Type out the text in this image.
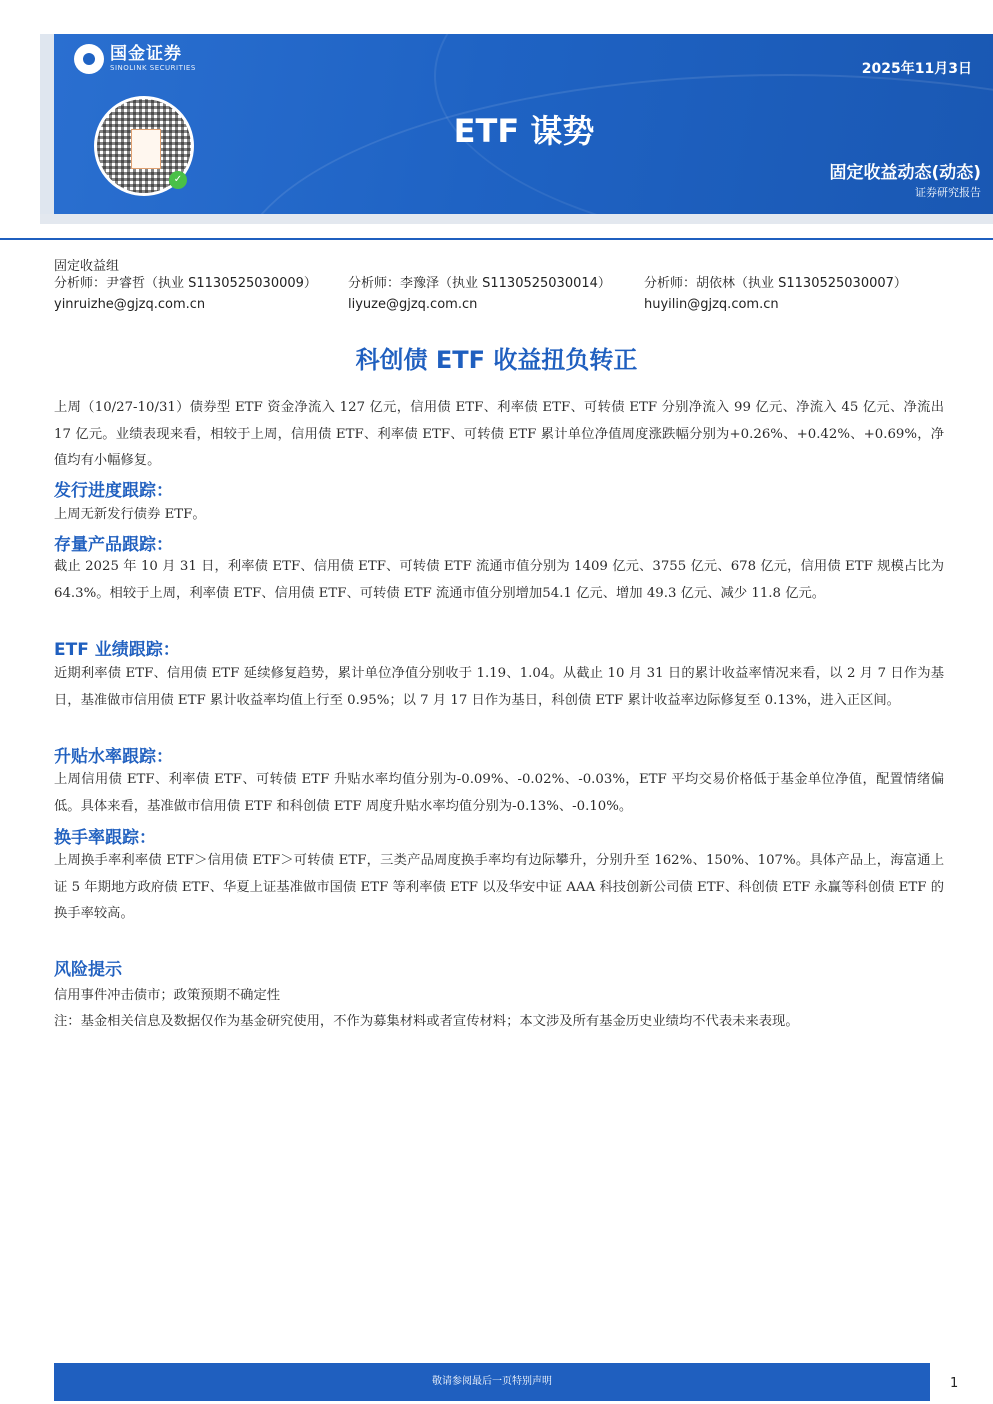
国金证券
SINOLINK SECURITIES
✓
2025年11月3日
ETF 谋势
固定收益动态(动态)
证券研究报告
固定收益组
分析师：尹睿哲（执业 S1130525030009）
yinruizhe@gjzq.com.cn
分析师：李豫泽（执业 S1130525030014）
liyuze@gjzq.com.cn
分析师：胡依林（执业 S1130525030007）
huyilin@gjzq.com.cn
科创债 ETF 收益扭负转正
上周（10/27-10/31）债券型 ETF 资金净流入 127 亿元，信用债 ETF、利率债 ETF、可转债 ETF 分别净流入 99 亿元、净流入 45 亿元、净流出 17 亿元。业绩表现来看，相较于上周，信用债 ETF、利率债 ETF、可转债 ETF 累计单位净值周度涨跌幅分别为+0.26%、+0.42%、+0.69%，净值均有小幅修复。
发行进度跟踪：
上周无新发行债券 ETF。
存量产品跟踪：
截止 2025 年 10 月 31 日，利率债 ETF、信用债 ETF、可转债 ETF 流通市值分别为 1409 亿元、3755 亿元、678 亿元，信用债 ETF 规模占比为 64.3%。相较于上周，利率债 ETF、信用债 ETF、可转债 ETF 流通市值分别增加54.1 亿元、增加 49.3 亿元、减少 11.8 亿元。
ETF 业绩跟踪：
近期利率债 ETF、信用债 ETF 延续修复趋势，累计单位净值分别收于 1.19、1.04。从截止 10 月 31 日的累计收益率情况来看，以 2 月 7 日作为基日，基准做市信用债 ETF 累计收益率均值上行至 0.95%；以 7 月 17 日作为基日，科创债 ETF 累计收益率边际修复至 0.13%，进入正区间。
升贴水率跟踪：
上周信用债 ETF、利率债 ETF、可转债 ETF 升贴水率均值分别为-0.09%、-0.02%、-0.03%，ETF 平均交易价格低于基金单位净值，配置情绪偏低。具体来看，基准做市信用债 ETF 和科创债 ETF 周度升贴水率均值分别为-0.13%、-0.10%。
换手率跟踪：
上周换手率利率债 ETF＞信用债 ETF＞可转债 ETF，三类产品周度换手率均有边际攀升，分别升至 162%、150%、107%。具体产品上，海富通上证 5 年期地方政府债 ETF、华夏上证基准做市国债 ETF 等利率债 ETF 以及华安中证 AAA 科技创新公司债 ETF、科创债 ETF 永赢等科创债 ETF 的换手率较高。
风险提示
信用事件冲击债市；政策预期不确定性
注：基金相关信息及数据仅作为基金研究使用，不作为募集材料或者宣传材料；本文涉及所有基金历史业绩均不代表未来表现。
敬请参阅最后一页特别声明	1
